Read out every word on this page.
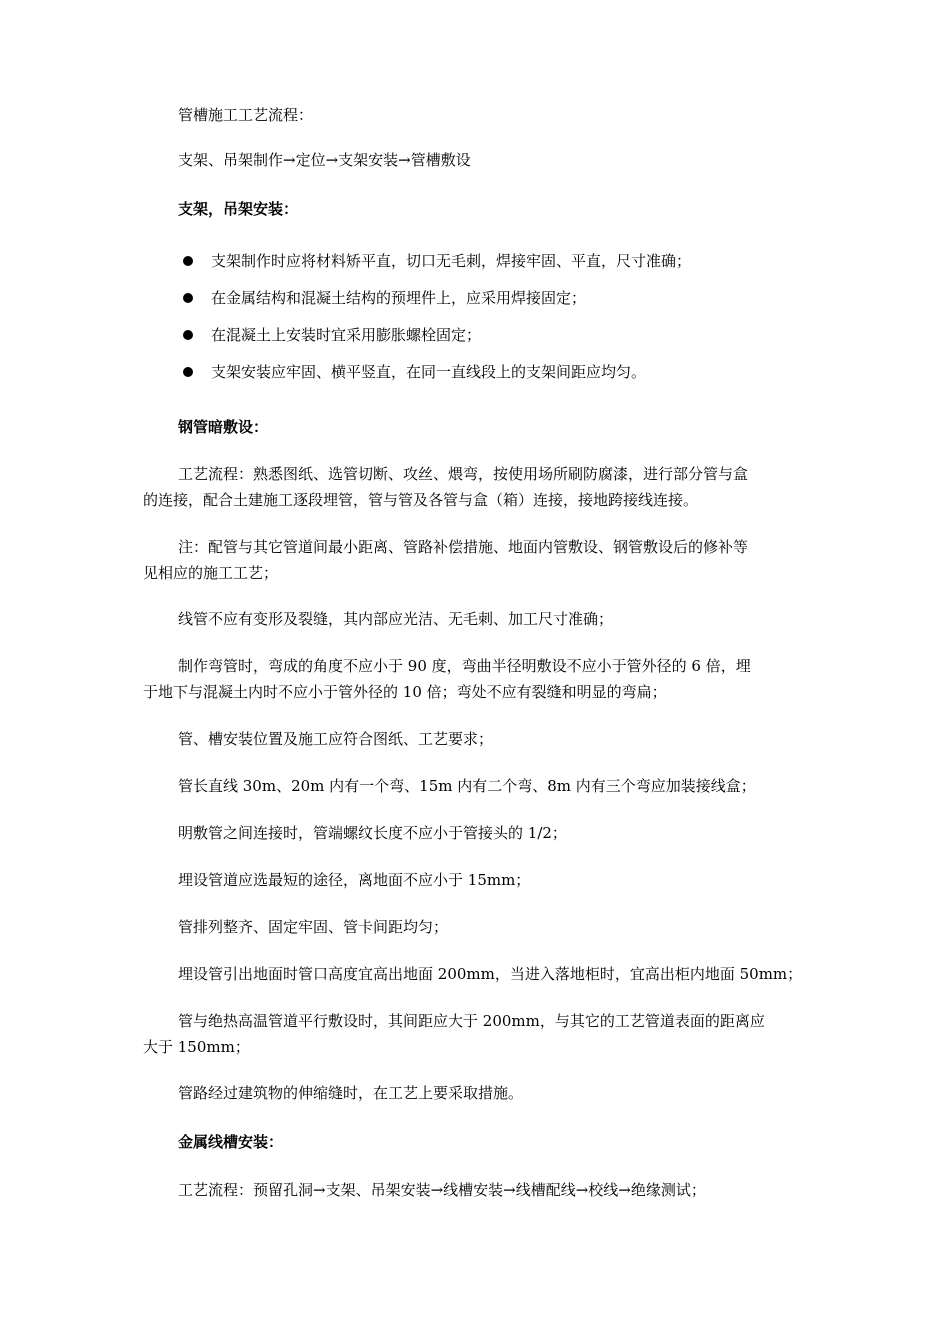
管槽施工工艺流程：
支架、吊架制作→定位→支架安装→管槽敷设
支架，吊架安装：
支架制作时应将材料矫平直，切口无毛刺，焊接牢固、平直，尺寸准确；
在金属结构和混凝土结构的预埋件上，应采用焊接固定；
在混凝土上安装时宜采用膨胀螺栓固定；
支架安装应牢固、横平竖直，在同一直线段上的支架间距应均匀。
钢管暗敷设：
工艺流程：熟悉图纸、选管切断、攻丝、煨弯，按使用场所刷防腐漆，进行部分管与盒
的连接，配合土建施工逐段埋管，管与管及各管与盒（箱）连接，接地跨接线连接。
注：配管与其它管道间最小距离、管路补偿措施、地面内管敷设、钢管敷设后的修补等
见相应的施工工艺；
线管不应有变形及裂缝，其内部应光洁、无毛刺、加工尺寸准确；
制作弯管时，弯成的角度不应小于 90 度，弯曲半径明敷设不应小于管外径的 6 倍，埋
于地下与混凝土内时不应小于管外径的 10 倍；弯处不应有裂缝和明显的弯扁；
管、槽安装位置及施工应符合图纸、工艺要求；
管长直线 30m、20m 内有一个弯、15m 内有二个弯、8m 内有三个弯应加装接线盒；
明敷管之间连接时，管端螺纹长度不应小于管接头的 1/2；
埋设管道应选最短的途径，离地面不应小于 15mm；
管排列整齐、固定牢固、管卡间距均匀；
埋设管引出地面时管口高度宜高出地面 200mm，当进入落地柜时，宜高出柜内地面 50mm；
管与绝热高温管道平行敷设时，其间距应大于 200mm，与其它的工艺管道表面的距离应
大于 150mm；
管路经过建筑物的伸缩缝时，在工艺上要采取措施。
金属线槽安装：
工艺流程：预留孔洞→支架、吊架安装→线槽安装→线槽配线→校线→绝缘测试；
